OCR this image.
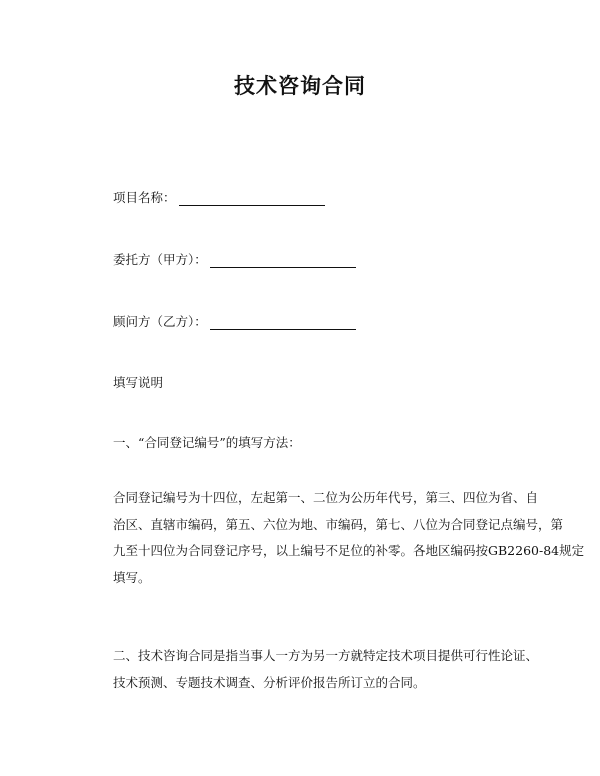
技术咨询合同
项目名称：
委托方（甲方）：
顾问方（乙方）：
填写说明
一、“合同登记编号”的填写方法：
合同登记编号为十四位，左起第一、二位为公历年代号，第三、四位为省、自
治区、直辖市编码，第五、六位为地、市编码，第七、八位为合同登记点编号，第
九至十四位为合同登记序号，以上编号不足位的补零。各地区编码按GB2260-84规定
填写。
二、技术咨询合同是指当事人一方为另一方就特定技术项目提供可行性论证、
技术预测、专题技术调查、分析评价报告所订立的合同。
